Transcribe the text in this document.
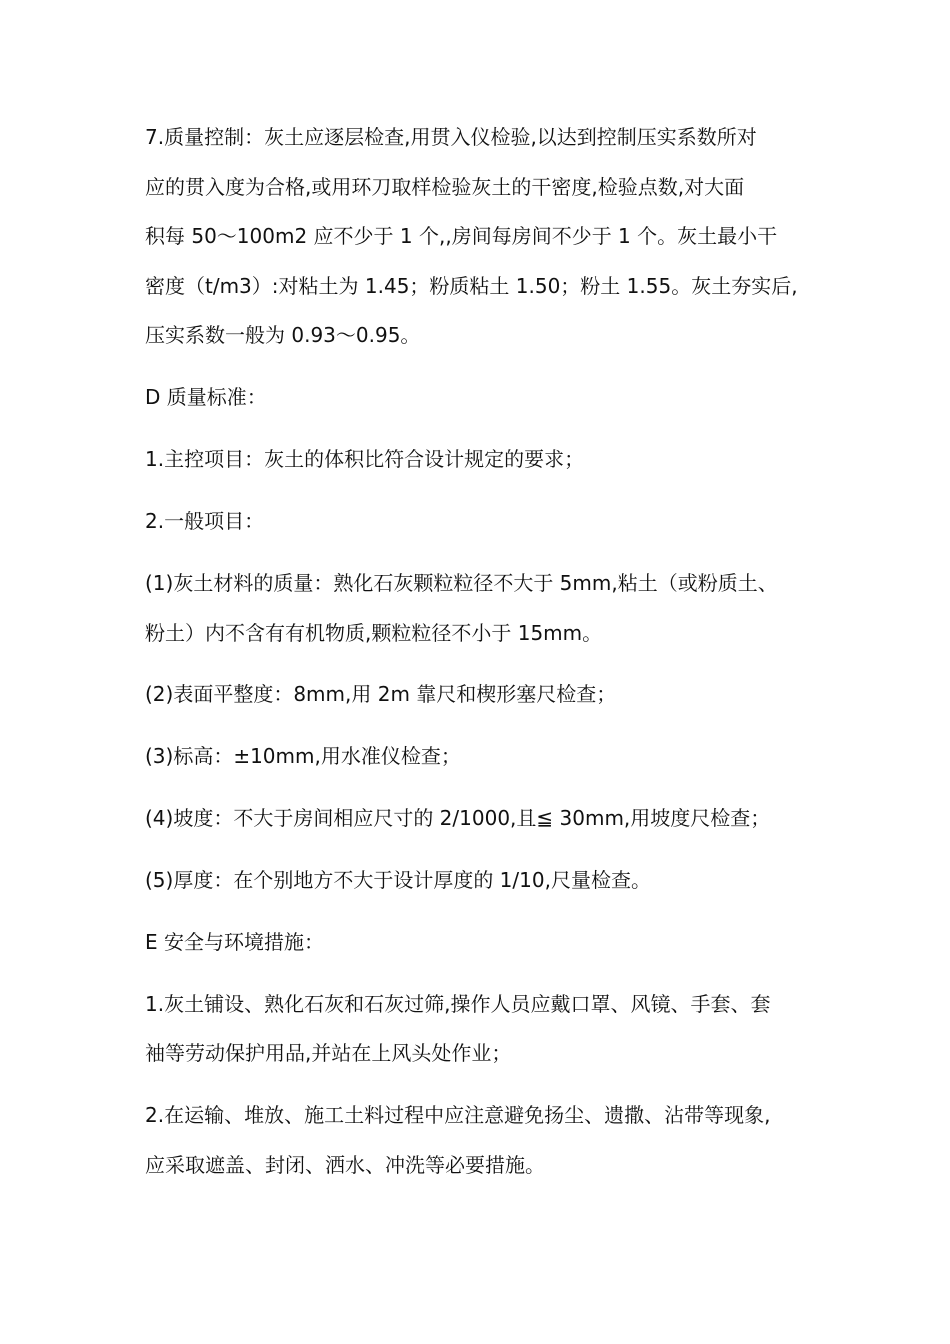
7.质量控制：灰土应逐层检查,用贯入仪检验,以达到控制压实系数所对

应的贯入度为合格,或用环刀取样检验灰土的干密度,检验点数,对大面

积每 50～100m2 应不少于 1 个,,房间每房间不少于 1 个。灰土最小干

密度（t/m3）:对粘土为 1.45；粉质粘土 1.50；粉土 1.55。灰土夯实后,

压实系数一般为 0.93～0.95。

D 质量标准：

1.主控项目：灰土的体积比符合设计规定的要求；

2.一般项目：

(1)灰土材料的质量：熟化石灰颗粒粒径不大于 5mm,粘土（或粉质土、

粉土）内不含有有机物质,颗粒粒径不小于 15mm。

(2)表面平整度：8mm,用 2m 靠尺和楔形塞尺检查；

(3)标高：±10mm,用水准仪检查；

(4)坡度：不大于房间相应尺寸的 2/1000,且≦ 30mm,用坡度尺检查；

(5)厚度：在个别地方不大于设计厚度的 1/10,尺量检查。

E 安全与环境措施：

1.灰土铺设、熟化石灰和石灰过筛,操作人员应戴口罩、风镜、手套、套

袖等劳动保护用品,并站在上风头处作业；

2.在运输、堆放、施工土料过程中应注意避免扬尘、遗撒、沾带等现象,

应采取遮盖、封闭、洒水、冲洗等必要措施。
